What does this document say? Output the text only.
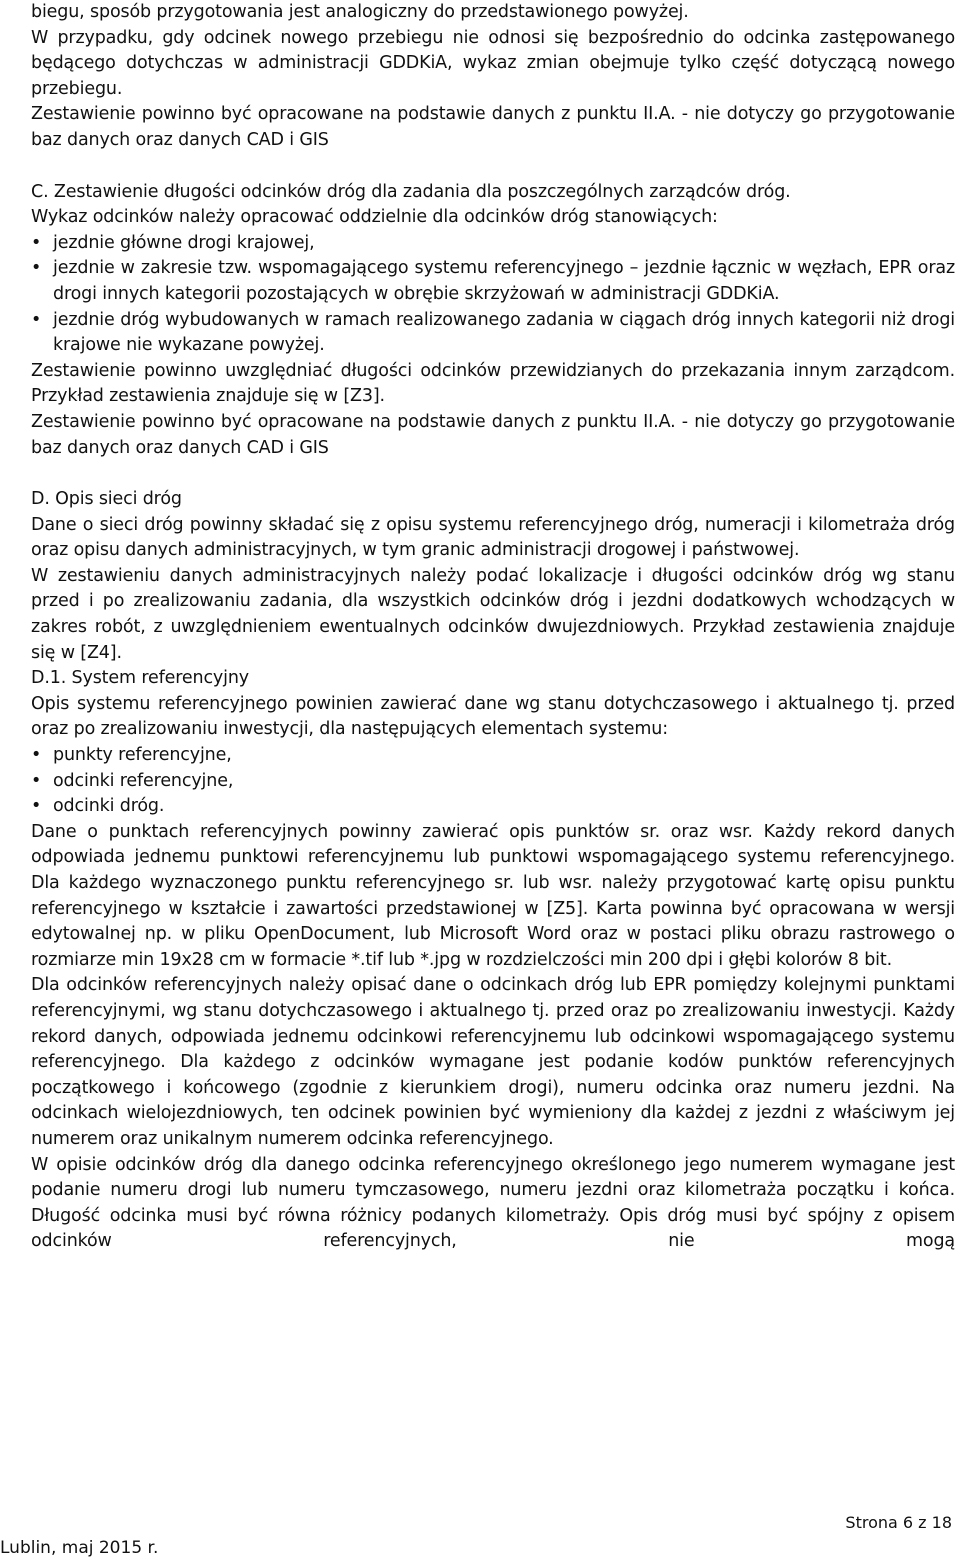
biegu, sposób przygotowania jest analogiczny do przedstawionego powyżej.

W przypadku, gdy odcinek nowego przebiegu nie odnosi się bezpośrednio do odcinka zastępowanego będącego dotychczas w administracji GDDKiA, wykaz zmian obejmuje tylko część dotyczącą nowego przebiegu.

Zestawienie powinno być opracowane na podstawie danych z punktu II.A. - nie dotyczy go przygotowanie baz danych oraz danych CAD i GIS

C. Zestawienie długości odcinków dróg dla zadania dla poszczególnych zarządców dróg.

Wykaz odcinków należy opracować oddzielnie dla odcinków dróg stanowiących:

• jezdnie główne drogi krajowej,

• jezdnie w zakresie tzw. wspomagającego systemu referencyjnego – jezdnie łącznic w węzłach, EPR oraz drogi innych kategorii pozostających w obrębie skrzyżowań w administracji GDDKiA.

• jezdnie dróg wybudowanych w ramach realizowanego zadania w ciągach dróg innych kategorii niż drogi krajowe nie wykazane powyżej.

Zestawienie powinno uwzględniać długości odcinków przewidzianych do przekazania innym zarządcom. Przykład zestawienia znajduje się w [Z3].

Zestawienie powinno być opracowane na podstawie danych z punktu II.A. - nie dotyczy go przygotowanie baz danych oraz danych CAD i GIS

D. Opis sieci dróg

Dane o sieci dróg powinny składać się z opisu systemu referencyjnego dróg, numeracji i kilometraża dróg oraz opisu danych administracyjnych, w tym granic administracji drogowej i państwowej.

W zestawieniu danych administracyjnych należy podać lokalizacje i długości odcinków dróg wg stanu przed i po zrealizowaniu zadania, dla wszystkich odcinków dróg i jezdni dodatkowych wchodzących w zakres robót, z uwzględnieniem ewentualnych odcinków dwujezdniowych. Przykład zestawienia znajduje się w [Z4].

D.1. System referencyjny

Opis systemu referencyjnego powinien zawierać dane wg stanu dotychczasowego i aktualnego tj. przed oraz po zrealizowaniu inwestycji, dla następujących elementach systemu:

• punkty referencyjne,

• odcinki referencyjne,

• odcinki dróg.

Dane o punktach referencyjnych powinny zawierać opis punktów sr. oraz wsr. Każdy rekord danych odpowiada jednemu punktowi referencyjnemu lub punktowi wspomagającego systemu referencyjnego. Dla każdego wyznaczonego punktu referencyjnego sr. lub wsr. należy przygotować kartę opisu punktu referencyjnego w kształcie i zawartości przedstawionej w [Z5]. Karta powinna być opracowana w wersji edytowalnej np. w pliku OpenDocument, lub Microsoft Word oraz w postaci pliku obrazu rastrowego o rozmiarze min 19x28 cm w formacie *.tif lub *.jpg w rozdzielczości min 200 dpi i głębi kolorów 8 bit.

Dla odcinków referencyjnych należy opisać dane o odcinkach dróg lub EPR pomiędzy kolejnymi punktami referencyjnymi, wg stanu dotychczasowego i aktualnego tj. przed oraz po zrealizowaniu inwestycji. Każdy rekord danych, odpowiada jednemu odcinkowi referencyjnemu lub odcinkowi wspomagającego systemu referencyjnego. Dla każdego z odcinków wymagane jest podanie kodów punktów referencyjnych początkowego i końcowego (zgodnie z kierunkiem drogi), numeru odcinka oraz numeru jezdni. Na odcinkach wielojezdniowych, ten odcinek powinien być wymieniony dla każdej z jezdni z właściwym jej numerem oraz unikalnym numerem odcinka referencyjnego.

W opisie odcinków dróg dla danego odcinka referencyjnego określonego jego numerem wymagane jest podanie numeru drogi lub numeru tymczasowego, numeru jezdni oraz kilometraża początku i końca. Długość odcinka musi być równa różnicy podanych kilometraży. Opis dróg musi być spójny z opisem odcinków referencyjnych, nie mogą

Strona 6 z 18
Lublin, maj 2015 r.
